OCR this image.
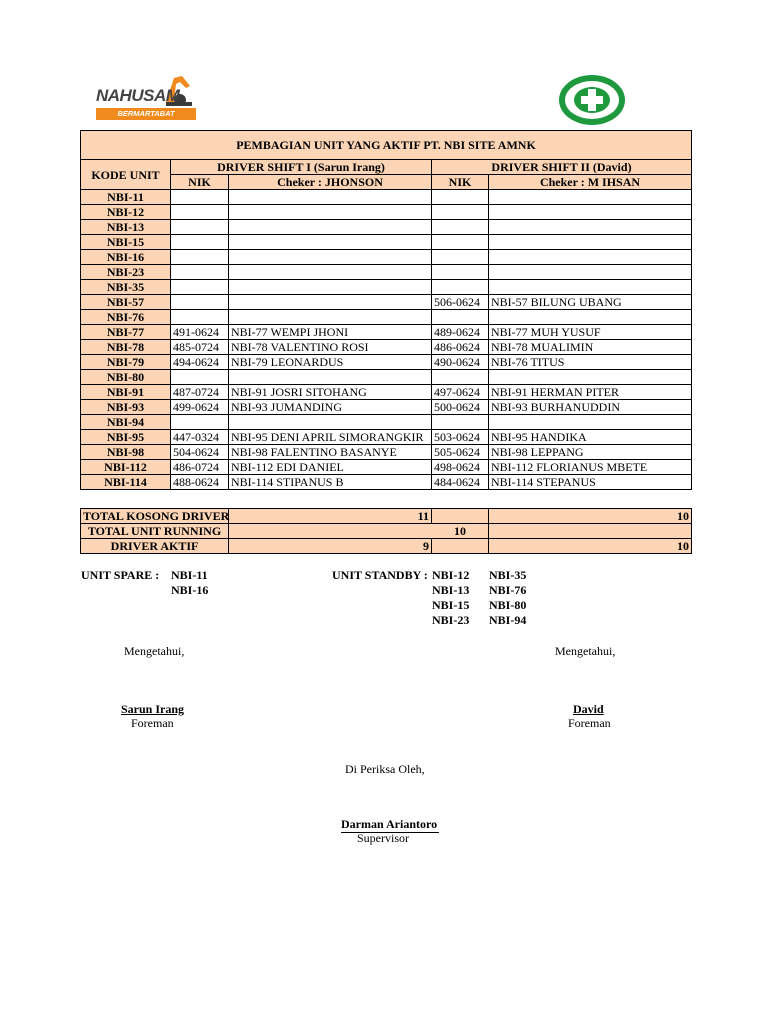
NAHUSAM
BERMARTABAT INDONESIA
PEMBAGIAN UNIT YANG AKTIF PT. NBI SITE AMNK				
KODE UNIT	DRIVER SHIFT I (Sarun Irang)		DRIVER SHIFT II (David)	
	NIK	Cheker : JHONSON	NIK	Cheker : M IHSAN
NBI-11				
NBI-12				
NBI-13				
NBI-15				
NBI-16				
NBI-23				
NBI-35				
NBI-57			506-0624	NBI-57 BILUNG UBANG
NBI-76				
NBI-77	491-0624	NBI-77 WEMPI JHONI	489-0624	NBI-77 MUH YUSUF
NBI-78	485-0724	NBI-78 VALENTINO ROSI	486-0624	NBI-78 MUALIMIN
NBI-79	494-0624	NBI-79 LEONARDUS	490-0624	NBI-76 TITUS
NBI-80				
NBI-91	487-0724	NBI-91 JOSRI SITOHANG	497-0624	NBI-91 HERMAN PITER
NBI-93	499-0624	NBI-93 JUMANDING	500-0624	NBI-93 BURHANUDDIN
NBI-94				
NBI-95	447-0324	NBI-95 DENI APRIL SIMORANGKIR	503-0624	NBI-95 HANDIKA
NBI-98	504-0624	NBI-98 FALENTINO BASANYE	505-0624	NBI-98 LEPPANG
NBI-112	486-0724	NBI-112 EDI DANIEL	498-0624	NBI-112 FLORIANUS MBETE
NBI-114	488-0624	NBI-114 STIPANUS B	484-0624	NBI-114 STEPANUS
TOTAL KOSONG DRIVER	11		10
TOTAL UNIT RUNNING	10		
DRIVER AKTIF	9		10
UNIT SPARE : NBI-11
NBI-16
UNIT STANDBY : NBI-12
NBI-13
NBI-15
NBI-23
NBI-35
NBI-76
NBI-80
NBI-94
Mengetahui,	Mengetahui,
Sarun Irang
Foreman
David
Foreman
Di Periksa Oleh,
Darman Ariantoro
Supervisor
